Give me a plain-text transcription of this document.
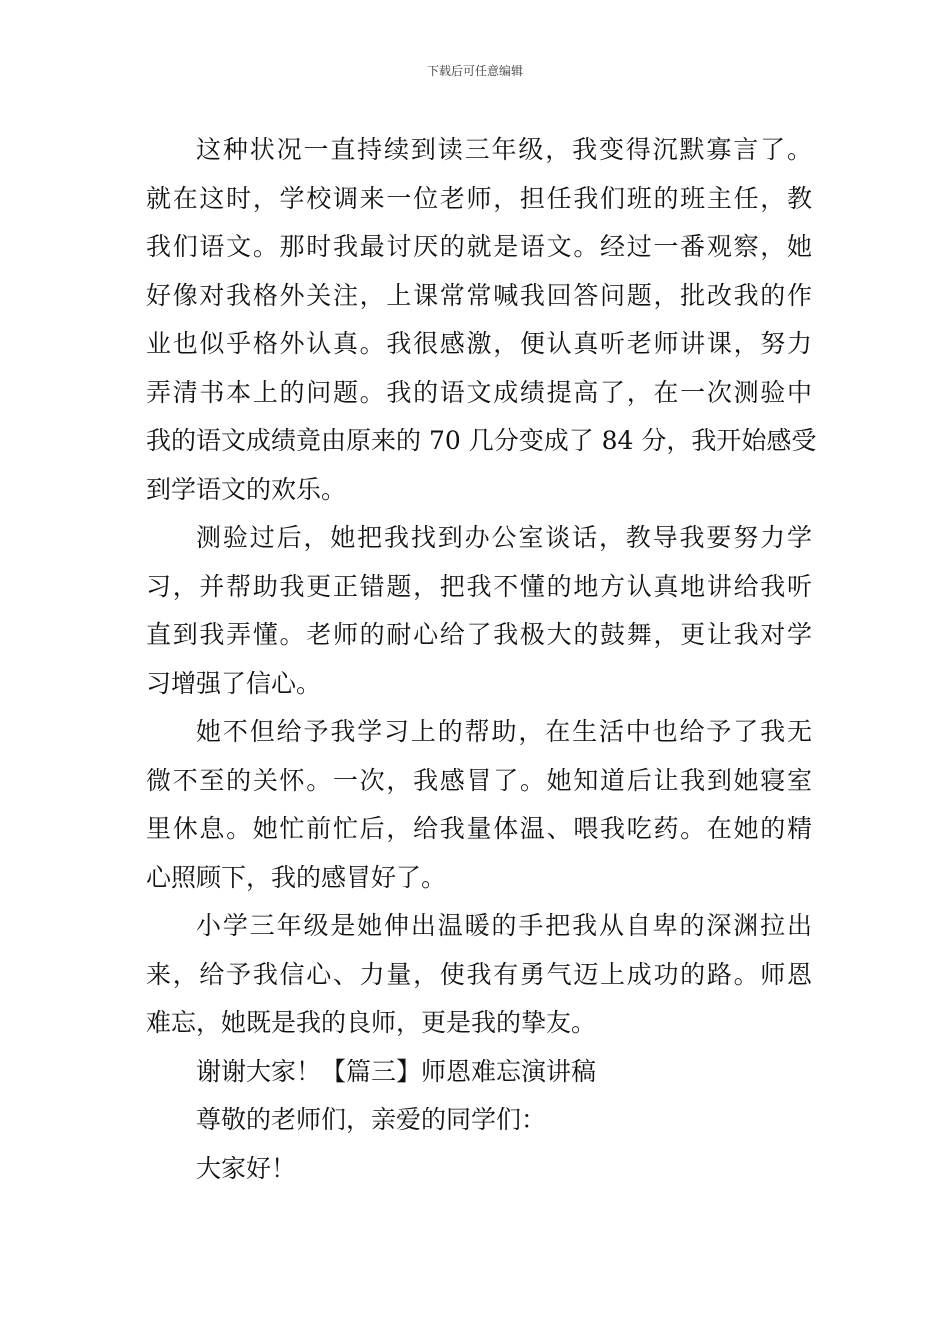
下载后可任意编辑
这种状况一直持续到读三年级，我变得沉默寡言了。
就在这时，学校调来一位老师，担任我们班的班主任，教
我们语文。那时我最讨厌的就是语文。经过一番观察，她
好像对我格外关注，上课常常喊我回答问题，批改我的作
业也似乎格外认真。我很感激，便认真听老师讲课，努力
弄清书本上的问题。我的语文成绩提高了，在一次测验中
我的语文成绩竟由原来的 70 几分变成了 84 分，我开始感受
到学语文的欢乐。
测验过后，她把我找到办公室谈话，教导我要努力学
习，并帮助我更正错题，把我不懂的地方认真地讲给我听
直到我弄懂。老师的耐心给了我极大的鼓舞，更让我对学
习增强了信心。
她不但给予我学习上的帮助，在生活中也给予了我无
微不至的关怀。一次，我感冒了。她知道后让我到她寝室
里休息。她忙前忙后，给我量体温、喂我吃药。在她的精
心照顾下，我的感冒好了。
小学三年级是她伸出温暖的手把我从自卑的深渊拉出
来，给予我信心、力量，使我有勇气迈上成功的路。师恩
难忘，她既是我的良师，更是我的挚友。
谢谢大家！【篇三】师恩难忘演讲稿
尊敬的老师们，亲爱的同学们：
大家好！
